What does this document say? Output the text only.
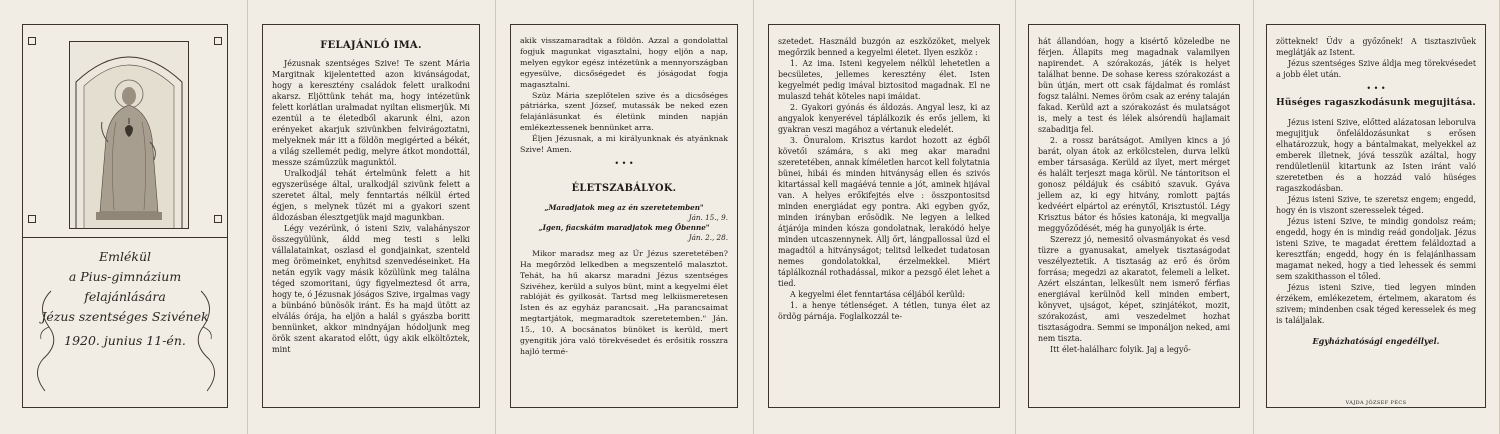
Emlékül
a Pius-gimnázium
felajánlására
Jézus szentséges Szivének
1920. junius 11-én.
FELAJÁNLÓ IMA.

Jézusnak szentséges Szive! Te szent Mária Margitnak kijelentetted azon kivánságodat, hogy a keresztény családok felett uralkodni akarsz. Eljöttünk tehát ma, hogy intézetünk felett korlátlan uralmadat nyiltan elismerjük. Mi ezentúl a te életedből akarunk élni, azon erényeket akarjuk szivünkben felvirágoztatni, melyeknek már itt a földön megigérted a békét, a világ szellemét pedig, melyre átkot mondottál, messze számüzzük magunktól.

Uralkodjál tehát értelmünk felett a hit egyszerüsége által, uralkodjál szivünk felett a szeretet által, mely fenntartás nélkül érted égjen, s melynek tüzét mi a gyakori szent áldozásban élesztgetjük majd magunkban.

Légy vezérünk, ó isteni Sziv, valahányszor összegyülünk, áldd meg testi s lelki vállalatainkat, oszlasd el gondjainkat, szenteld meg örömeinket, enyhitsd szenvedéseinket. Ha netán egyik vagy másik közülünk meg találna téged szomoritani, úgy figyelmeztesd őt arra, hogy te, ó Jézusnak jóságos Szive, irgalmas vagy a bünbánó bünösök iránt. És ha majd ütött az elválás órája, ha eljön a halál s gyászba boritt bennünket, akkor mindnyájan hódoljunk meg örök szent akaratod előtt, úgy akik elköltöztek, mint

akik visszamaradtak a földön. Azzal a gondolattal fogjuk magunkat vigasztalni, hogy eljön a nap, melyen egykor egész intézetünk a mennyországban egyesülve, dicsőségedet és jóságodat fogja magasztalni.

Szüz Mária szeplőtelen szive és a dicsőséges pátriárka, szent József, mutassák be neked ezen felajánlásunkat és életünk minden napján emlékeztessenek bennünket arra.

Éljen Jézusnak, a mi királyunknak és atyánknak Szive! Amen.

• • •
ÉLETSZABÁLYOK.
„Maradjatok meg az én szeretetemben"
Ján. 15., 9.
„Igen, fiacskáim maradjatok meg Őbenne"
Ján. 2., 28.

Mikor maradsz meg az Úr Jézus szeretetében? Ha megőrzöd lelkedben a megszentelő malasztot. Tehát, ha hű akarsz maradni Jézus szentséges Szivéhez, kerüld a sulyos bünt, mint a kegyelmi élet rablóját és gyilkosát. Tartsd meg lelkiismeretesen Isten és az egyház parancsait. „Ha parancsaimat megtartjátok, megmaradtok szeretetemben." Ján. 15., 10. A bocsánatos bünöket is kerüld, mert gyengitik jóra való törekvésedet és erősitik rosszra hajló termé-

szetedet. Használd buzgón az eszközöket, melyek megőrzik benned a kegyelmi életet. Ilyen eszköz :

1. Az ima. Isteni kegyelem nélkül lehetetlen a becsületes, jellemes keresztény élet. Isten kegyelmét pedig imával biztositod magadnak. El ne mulaszd tehát köteles napi imáidat.

2. Gyakori gyónás és áldozás. Angyal lesz, ki az angyalok kenyerével táplálkozik és erős jellem, ki gyakran veszi magához a vértanuk eledelét.

3. Önuralom. Krisztus kardot hozott az égből követői számára, s aki meg akar maradni szeretetében, annak kíméletlen harcot kell folytatnia bünei, hibái és minden hitványság ellen és szivós kitartással kell magáévá tennie a jót, aminek hijával van. A helyes erőkifejtés elve : összpontositsd minden energiádat egy pontra. Aki egyben győz, minden irányban erősödik. Ne legyen a lelked átjárója minden kósza gondolatnak, lerakódó helye minden utcaszennynek. Állj őrt, lángpallossal üzd el magadtól a hitványságot; telitsd lelkedet tudatosan nemes gondolatokkal, érzelmekkel. Miért táplálkoznál rothadással, mikor a pezsgő élet lehet a tied.

A kegyelmi élet fenntartása céljából kerüld:

1. a henye tétlenséget. A tétlen, tunya élet az ördög párnája. Foglalkozzál te-

hát állandóan, hogy a kisértő közeledbe ne férjen. Állapits meg magadnak valamilyen napirendet. A szórakozás, játék is helyet találhat benne. De sohase keress szórakozást a bün útján, mert ott csak fájdalmat és romlást fogsz találni. Nemes öröm csak az erény talaján fakad. Kerüld azt a szórakozást és mulatságot is, mely a test és lélek alsórendü hajlamait szabaditja fel.

2. a rossz barátságot. Amilyen kincs a jó barát, olyan átok az erkölcstelen, durva lelkü ember társasága. Kerüld az ilyet, mert mérget és halált terjeszt maga körül. Ne tántoritson el gonosz példájuk és csábitó szavuk. Gyáva jellem az, ki egy hitvány, romlott pajtás kedvéért elpártol az erénytől, Krisztustól. Légy Krisztus bátor és hősies katonája, ki megvallja meggyőződését, még ha gunyolják is érte.

Szerezz jó, nemesitő olvasmányokat és vesd tüzre a gyanusakat, amelyek tisztaságodat veszélyeztetik. A tisztaság az erő és öröm forrása; megedzi az akaratot, felemeli a lelket. Azért elszántan, lelkesült nem ismerő férfias energiával kerülnöd kell minden embert, könyvet, ujságot, képet, szinjátékot, mozit, szórakozást, ami veszedelmet hozhat tisztaságodra. Semmi se imponáljon neked, ami nem tiszta.

Itt élet-halálharc folyik. Jaj a legyő-

zötteknek! Üdv a győzőnek! A tisztaszivűek meglátják az Istent.

Jézus szentséges Szive áldja meg törekvésedet a jobb élet után.

• • •
Hüséges ragaszkodásunk megujitása.

Jézus isteni Szive, előtted alázatosan leborulva megujitjuk önfeláldozásunkat s erősen elhatározzuk, hogy a bántalmakat, melyekkel az emberek illetnek, jóvá tesszük azáltal, hogy rendületlenül kitartunk az Isten iránt való szeretetben és a hozzád való hüséges ragaszkodásban.

Jézus isteni Szive, te szeretsz engem; engedd, hogy én is viszont szeresselek téged.

Jézus isteni Szive, te mindig gondolsz reám; engedd, hogy én is mindig reád gondoljak. Jézus isteni Szive, te magadat érettem feláldoztad a keresztfán; engedd, hogy én is felajánlhassam magamat neked, hogy a tied lehessek és semmi sem szakithasson el tőled.

Jézus isteni Szive, tied legyen minden érzékem, emlékezetem, értelmem, akaratom és szivem; mindenben csak téged keresselek és meg is találjalak.

Egyházhatósági engedéllyel.
VAJDA JÓZSEF PÉCS
